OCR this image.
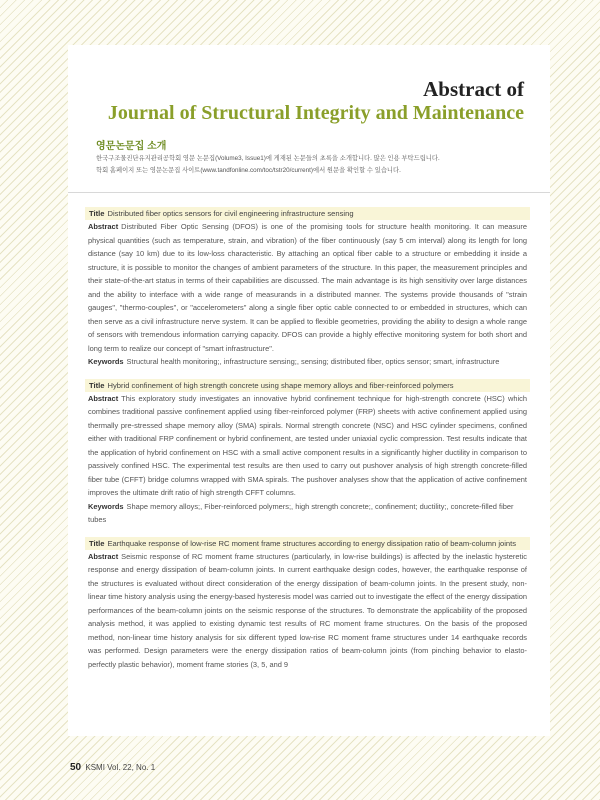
Abstract of
Journal of Structural Integrity and Maintenance
영문논문집 소개
한국구조물진단유지관리공학회 영문 논문집(Volume3, Issue1)에 게재된 논문들의 초록을 소개합니다. 많은 인용 부탁드립니다.
학회 홈페이지 또는 영문논문집 사이트(www.tandfonline.com/toc/tstr20/current)에서 원문을 확인할 수 있습니다.
Title Distributed fiber optics sensors for civil engineering infrastructure sensing

Abstract Distributed Fiber Optic Sensing (DFOS) is one of the promising tools for structure health monitoring. It can measure physical quantities (such as temperature, strain, and vibration) of the fiber continuously (say 5 cm interval) along its length for long distance (say 10 km) due to its low-loss characteristic. By attaching an optical fiber cable to a structure or embedding it inside a structure, it is possible to monitor the changes of ambient parameters of the structure. In this paper, the measurement principles and their state-of-the-art status in terms of their capabilities are discussed. The main advantage is its high sensitivity over large distances and the ability to interface with a wide range of measurands in a distributed manner. The systems provide thousands of "strain gauges", "thermo-couples", or "accelerometers" along a single fiber optic cable connected to or embedded in structures, which can then serve as a civil infrastructure nerve system. It can be applied to flexible geometries, providing the ability to design a whole range of sensors with tremendous information carrying capacity. DFOS can provide a highly effective monitoring system for both short and long term to realize our concept of "smart infrastructure".

Keywords Structural health monitoring;, infrastructure sensing;, sensing; distributed fiber, optics sensor; smart, infrastructure

Title Hybrid confinement of high strength concrete using shape memory alloys and fiber-reinforced polymers

Abstract This exploratory study investigates an innovative hybrid confinement technique for high-strength concrete (HSC) which combines traditional passive confinement applied using fiber-reinforced polymer (FRP) sheets with active confinement applied using thermally pre-stressed shape memory alloy (SMA) spirals. Normal strength concrete (NSC) and HSC cylinder specimens, confined either with traditional FRP confinement or hybrid confinement, are tested under uniaxial cyclic compression. Test results indicate that the application of hybrid confinement on HSC with a small active component results in a significantly higher ductility in comparison to passively confined HSC. The experimental test results are then used to carry out pushover analysis of high strength concrete-filled fiber tube (CFFT) bridge columns wrapped with SMA spirals. The pushover analyses show that the application of active confinement improves the ultimate drift ratio of high strength CFFT columns.

Keywords Shape memory alloys;, Fiber-reinforced polymers;, high strength concrete;, confinement; ductility;, concrete-filled fiber tubes

Title Earthquake response of low-rise RC moment frame structures according to energy dissipation ratio of beam-column joints

Abstract Seismic response of RC moment frame structures (particularly, in low-rise buildings) is affected by the inelastic hysteretic response and energy dissipation of beam-column joints. In current earthquake design codes, however, the earthquake response of the structures is evaluated without direct consideration of the energy dissipation of beam-column joints. In the present study, non-linear time history analysis using the energy-based hysteresis model was carried out to investigate the effect of the energy dissipation performances of the beam-column joints on the seismic response of the structures. To demonstrate the applicability of the proposed analysis method, it was applied to existing dynamic test results of RC moment frame structures. On the basis of the proposed method, non-linear time history analysis for six different typed low-rise RC moment frame structures under 14 earthquake records was performed. Design parameters were the energy dissipation ratios of beam-column joints (from pinching behavior to elasto-perfectly plastic behavior), moment frame stories (3, 5, and 9

50 KSMI Vol. 22, No. 1
